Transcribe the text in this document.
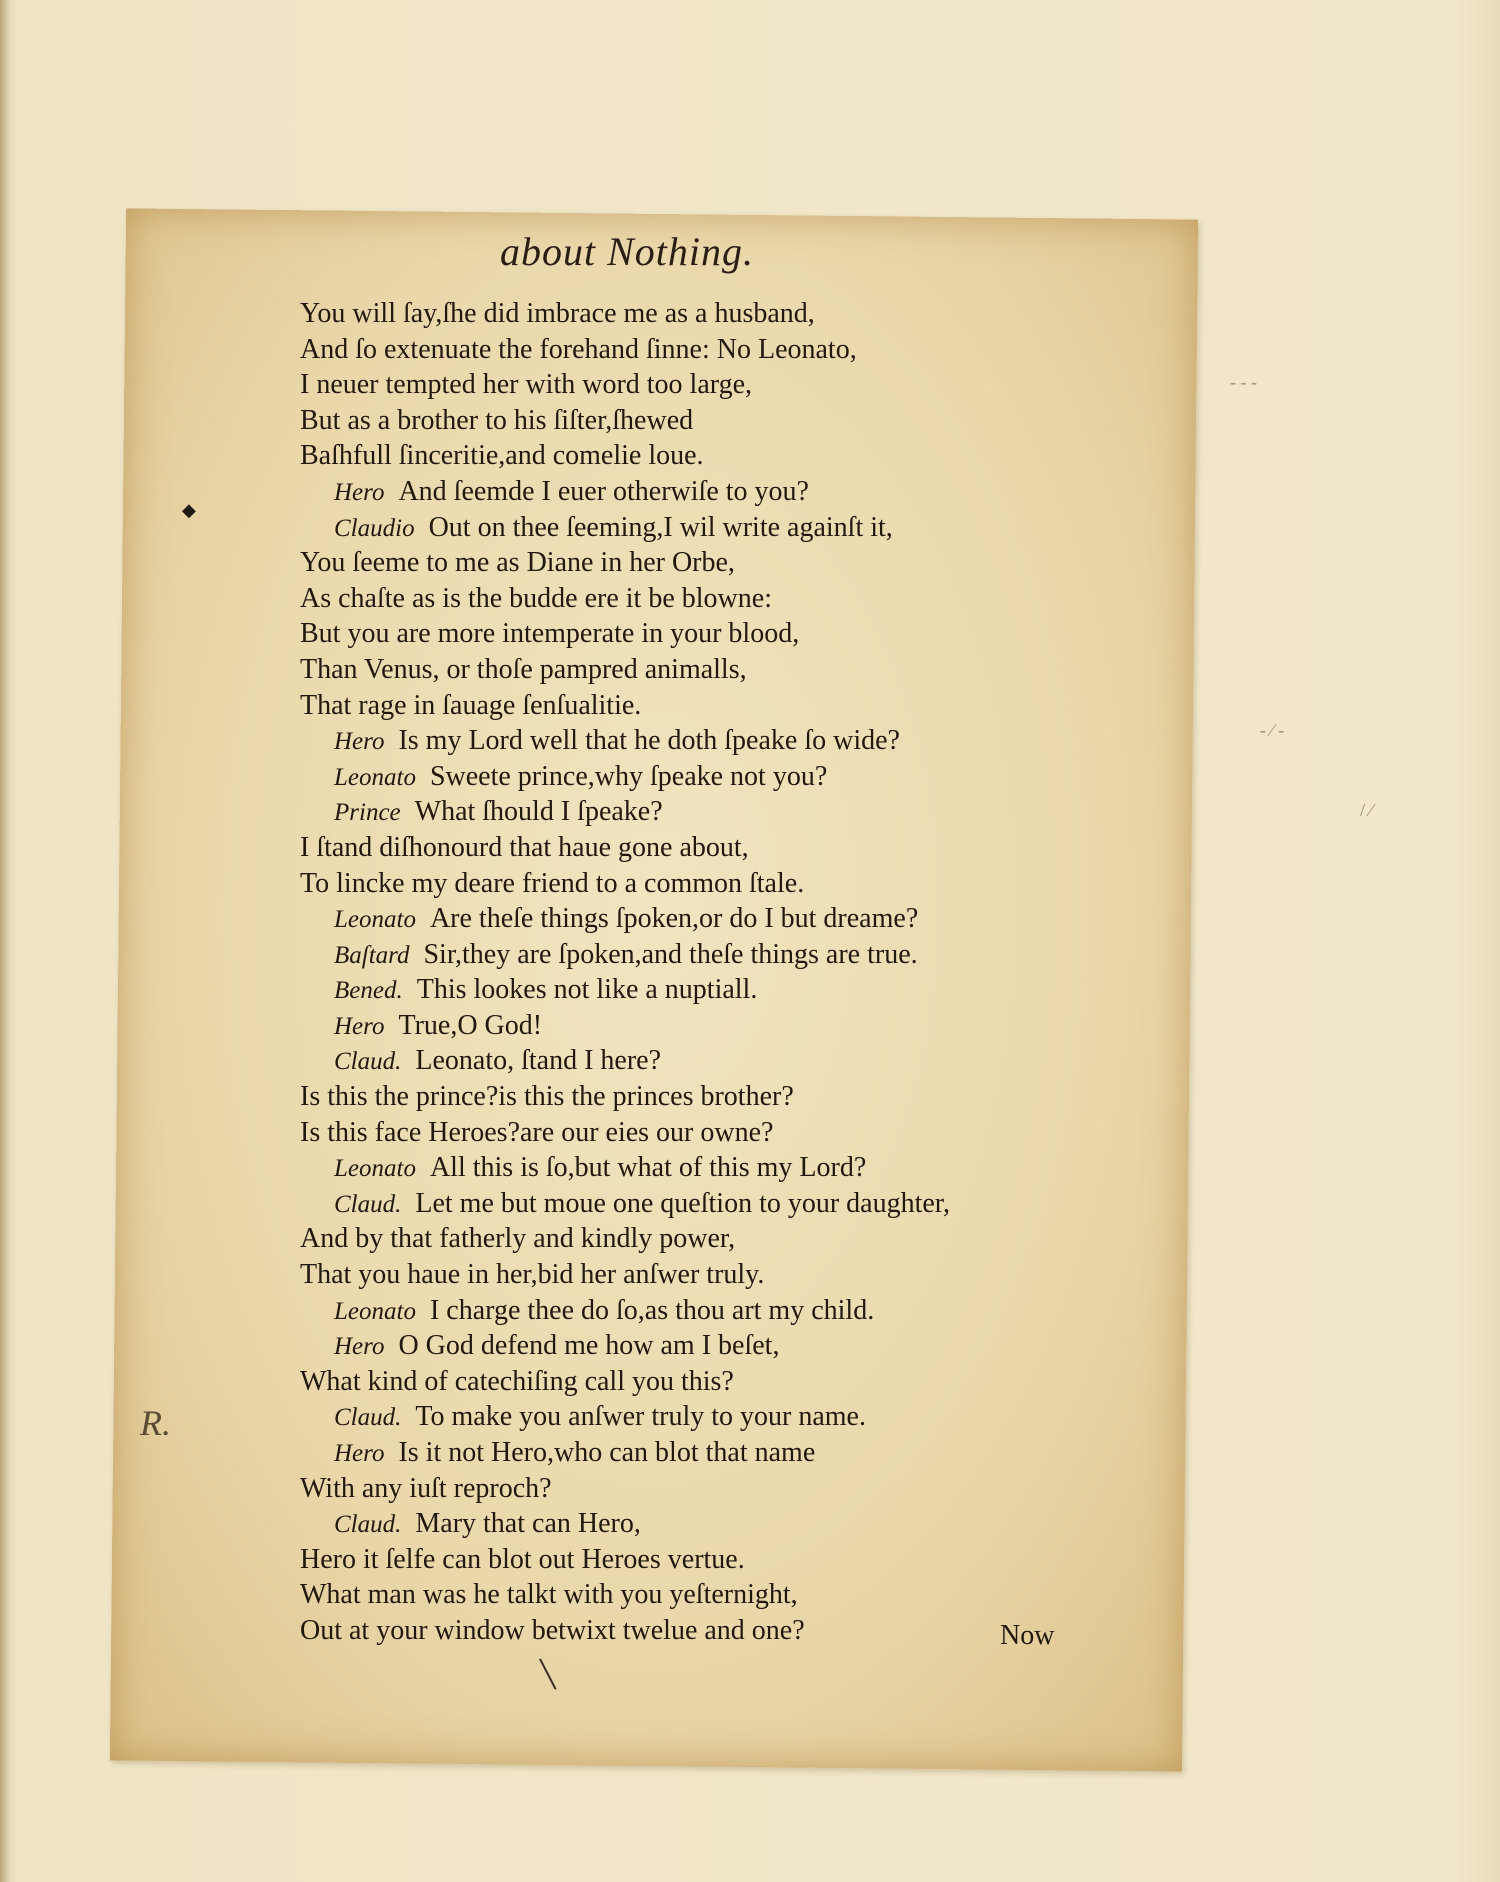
about Nothing.
You will ſay,ſhe did imbrace me as a husband,
And ſo extenuate the forehand ſinne: No Leonato,
I neuer tempted her with word too large,
But as a brother to his ſiſter,ſhewed
Baſhfull ſinceritie,and comelie loue.
Hero And ſeemde I euer otherwiſe to you?
Claudio Out on thee ſeeming,I wil write againſt it,
You ſeeme to me as Diane in her Orbe,
As chaſte as is the budde ere it be blowne:
But you are more intemperate in your blood,
Than Venus, or thoſe pampred animalls,
That rage in ſauage ſenſualitie.
Hero Is my Lord well that he doth ſpeake ſo wide?
Leonato Sweete prince,why ſpeake not you?
Prince What ſhould I ſpeake?
I ſtand diſhonourd that haue gone about,
To lincke my deare friend to a common ſtale.
Leonato Are theſe things ſpoken,or do I but dreame?
Baſtard Sir,they are ſpoken,and theſe things are true.
Bened. This lookes not like a nuptiall.
Hero True,O God!
Claud. Leonato, ſtand I here?
Is this the prince?is this the princes brother?
Is this face Heroes?are our eies our owne?
Leonato All this is ſo,but what of this my Lord?
Claud. Let me but moue one queſtion to your daughter,
And by that fatherly and kindly power,
That you haue in her,bid her anſwer truly.
Leonato I charge thee do ſo,as thou art my child.
Hero O God defend me how am I beſet,
What kind of catechiſing call you this?
Claud. To make you anſwer truly to your name.
Hero Is it not Hero,who can blot that name
With any iuſt reproch?
Claud. Mary that can Hero,
Hero it ſelfe can blot out Heroes vertue.
What man was he talkt with you yeſternight,
Out at your window betwixt twelue and one?	Now
R.
◆
‐ ‐ ‐
‐ ⁄ ‐
/ ⁄
╲
